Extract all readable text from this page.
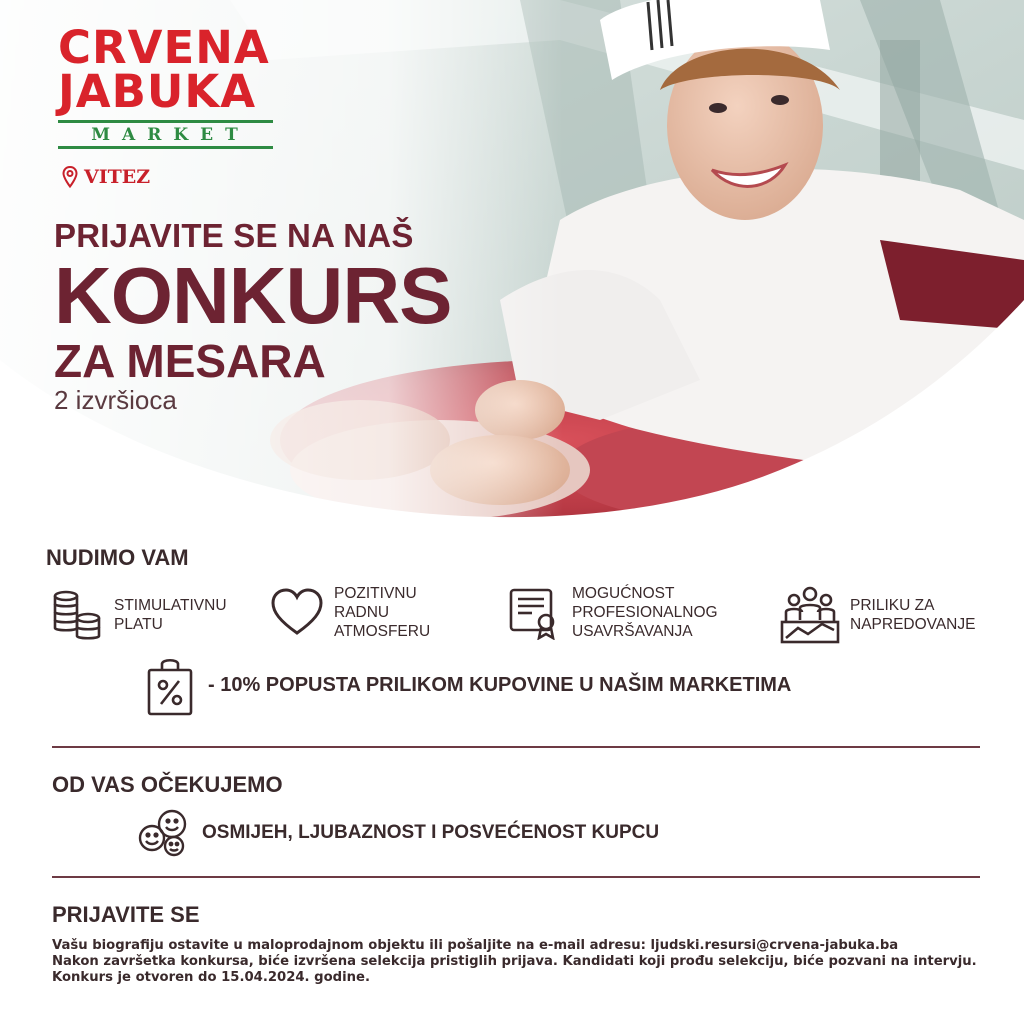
CRVENA
JABUKA
MARKET
VITEZ
PRIJAVITE SE NA NAŠ
KONKURS
ZA MESARA
2 izvršioca
NUDIMO VAM
STIMULATIVNU
PLATU
POZITIVNU
RADNU
ATMOSFERU
MOGUĆNOST
PROFESIONALNOG
USAVRŠAVANJA
PRILIKU ZA
NAPREDOVANJE
- 10% POPUSTA PRILIKOM KUPOVINE U NAŠIM MARKETIMA
OD VAS OČEKUJEMO
OSMIJEH, LJUBAZNOST I POSVEĆENOST KUPCU
PRIJAVITE SE

Vašu biografiju ostavite u maloprodajnom objektu ili pošaljite na e-mail adresu: ljudski.resursi@crvena-jabuka.ba

Nakon završetka konkursa, biće izvršena selekcija pristiglih prijava. Kandidati koji prođu selekciju, biće pozvani na intervju.

Konkurs je otvoren do 15.04.2024. godine.
